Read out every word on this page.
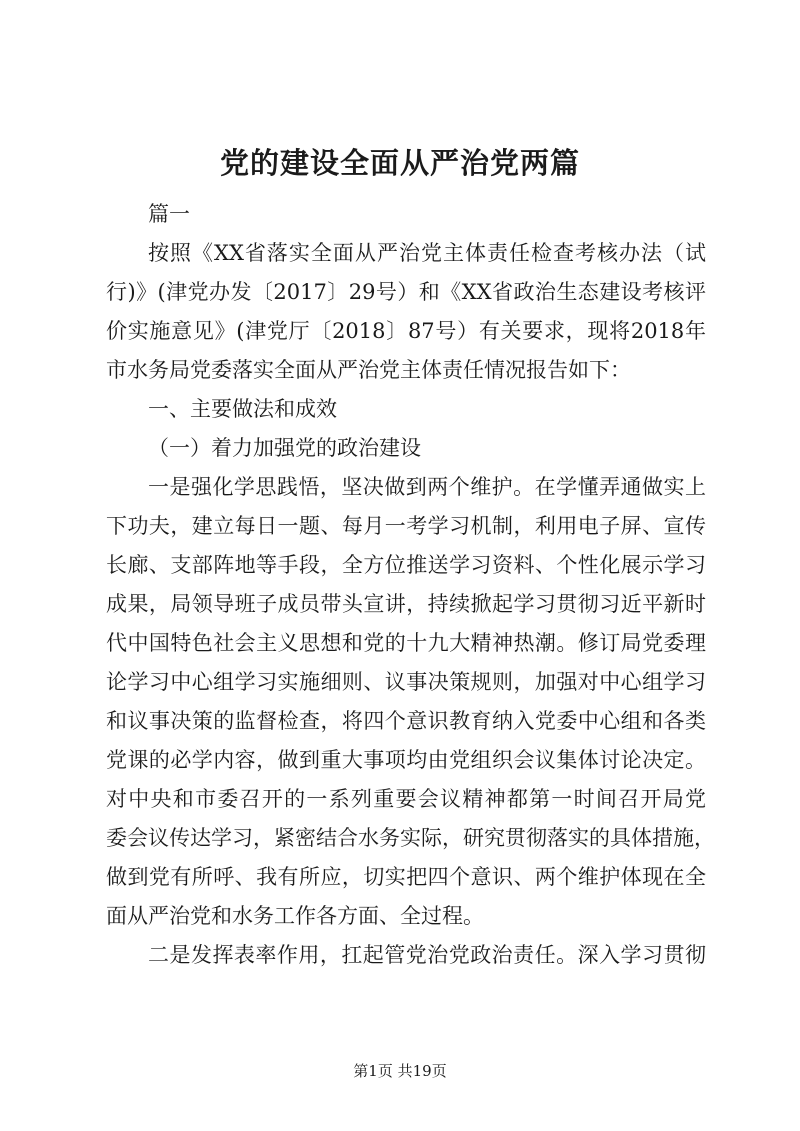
党的建设全面从严治党两篇

篇一

按照《XX省落实全面从严治党主体责任检查考核办法（试
行)》(津党办发〔2017〕29号）和《XX省政治生态建设考核评
价实施意见》(津党厅〔2018〕87号）有关要求，现将2018年
市水务局党委落实全面从严治党主体责任情况报告如下：

一、主要做法和成效

（一）着力加强党的政治建设

一是强化学思践悟，坚决做到两个维护。在学懂弄通做实上
下功夫，建立每日一题、每月一考学习机制，利用电子屏、宣传
长廊、支部阵地等手段，全方位推送学习资料、个性化展示学习
成果，局领导班子成员带头宣讲，持续掀起学习贯彻习近平新时
代中国特色社会主义思想和党的十九大精神热潮。修订局党委理
论学习中心组学习实施细则、议事决策规则，加强对中心组学习
和议事决策的监督检查，将四个意识教育纳入党委中心组和各类
党课的必学内容，做到重大事项均由党组织会议集体讨论决定。
对中央和市委召开的一系列重要会议精神都第一时间召开局党
委会议传达学习，紧密结合水务实际，研究贯彻落实的具体措施，
做到党有所呼、我有所应，切实把四个意识、两个维护体现在全
面从严治党和水务工作各方面、全过程。
二是发挥表率作用，扛起管党治党政治责任。深入学习贯彻
第1页 共19页
